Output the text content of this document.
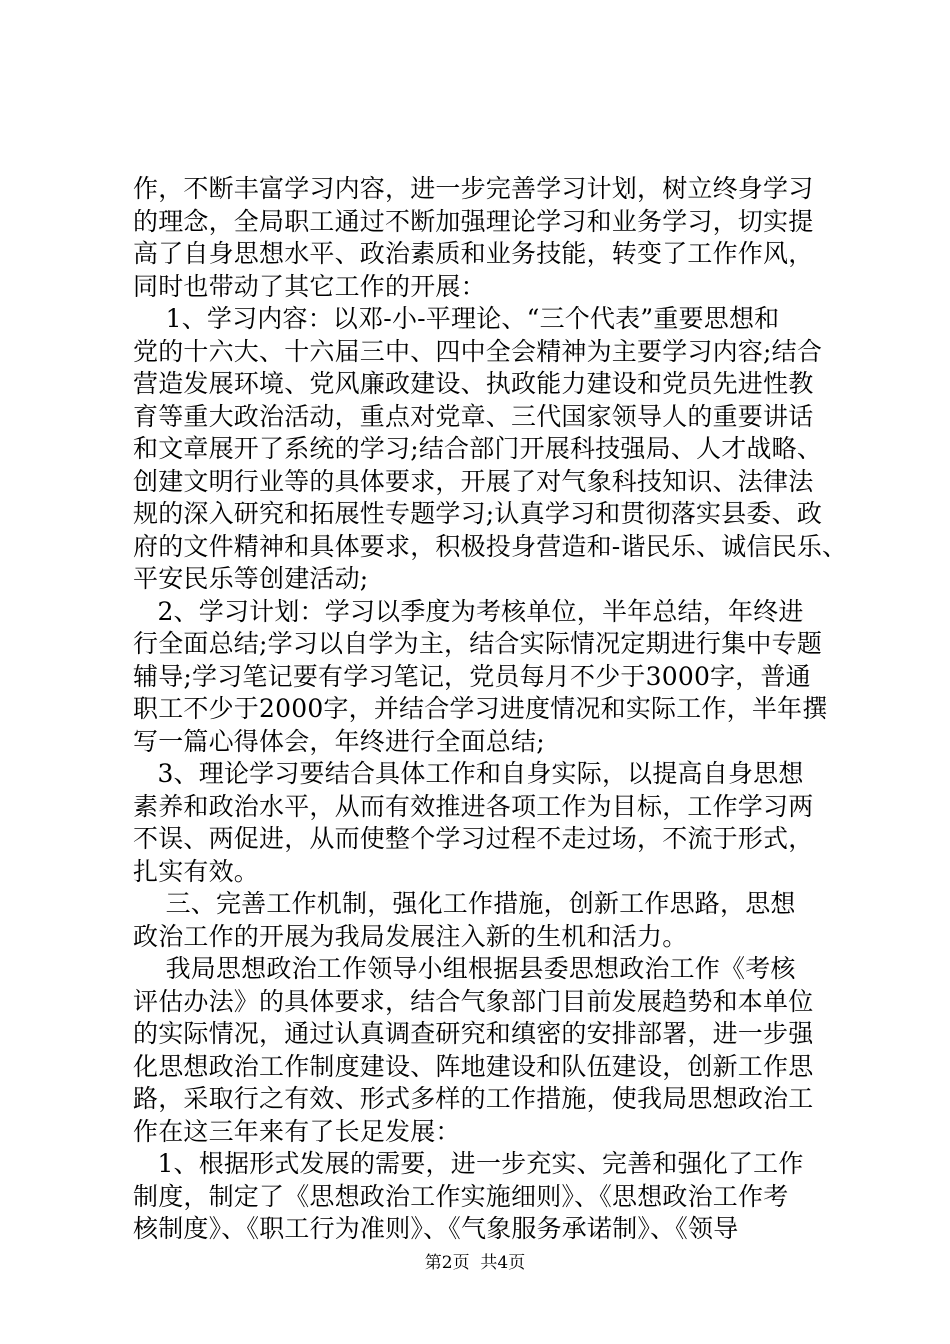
作，不断丰富学习内容，进一步完善学习计划，树立终身学习
的理念，全局职工通过不断加强理论学习和业务学习，切实提
高了自身思想水平、政治素质和业务技能，转变了工作作风，
同时也带动了其它工作的开展：
1、学习内容：以邓-小-平理论、“三个代表”重要思想和
党的十六大、十六届三中、四中全会精神为主要学习内容;结合
营造发展环境、党风廉政建设、执政能力建设和党员先进性教
育等重大政治活动，重点对党章、三代国家领导人的重要讲话
和文章展开了系统的学习;结合部门开展科技强局、人才战略、
创建文明行业等的具体要求，开展了对气象科技知识、法律法
规的深入研究和拓展性专题学习;认真学习和贯彻落实县委、政
府的文件精神和具体要求，积极投身营造和-谐民乐、诚信民乐、
平安民乐等创建活动;
2、学习计划：学习以季度为考核单位，半年总结，年终进
行全面总结;学习以自学为主，结合实际情况定期进行集中专题
辅导;学习笔记要有学习笔记，党员每月不少于3000字，普通
职工不少于2000字，并结合学习进度情况和实际工作，半年撰
写一篇心得体会，年终进行全面总结;
3、理论学习要结合具体工作和自身实际，以提高自身思想
素养和政治水平，从而有效推进各项工作为目标，工作学习两
不误、两促进，从而使整个学习过程不走过场，不流于形式，
扎实有效。
三、完善工作机制，强化工作措施，创新工作思路，思想
政治工作的开展为我局发展注入新的生机和活力。
我局思想政治工作领导小组根据县委思想政治工作《考核
评估办法》的具体要求，结合气象部门目前发展趋势和本单位
的实际情况，通过认真调查研究和缜密的安排部署，进一步强
化思想政治工作制度建设、阵地建设和队伍建设，创新工作思
路，采取行之有效、形式多样的工作措施，使我局思想政治工
作在这三年来有了长足发展：
1、根据形式发展的需要，进一步充实、完善和强化了工作
制度，制定了《思想政治工作实施细则》、《思想政治工作考
核制度》、《职工行为准则》、《气象服务承诺制》、《领导
第2页  共4页
